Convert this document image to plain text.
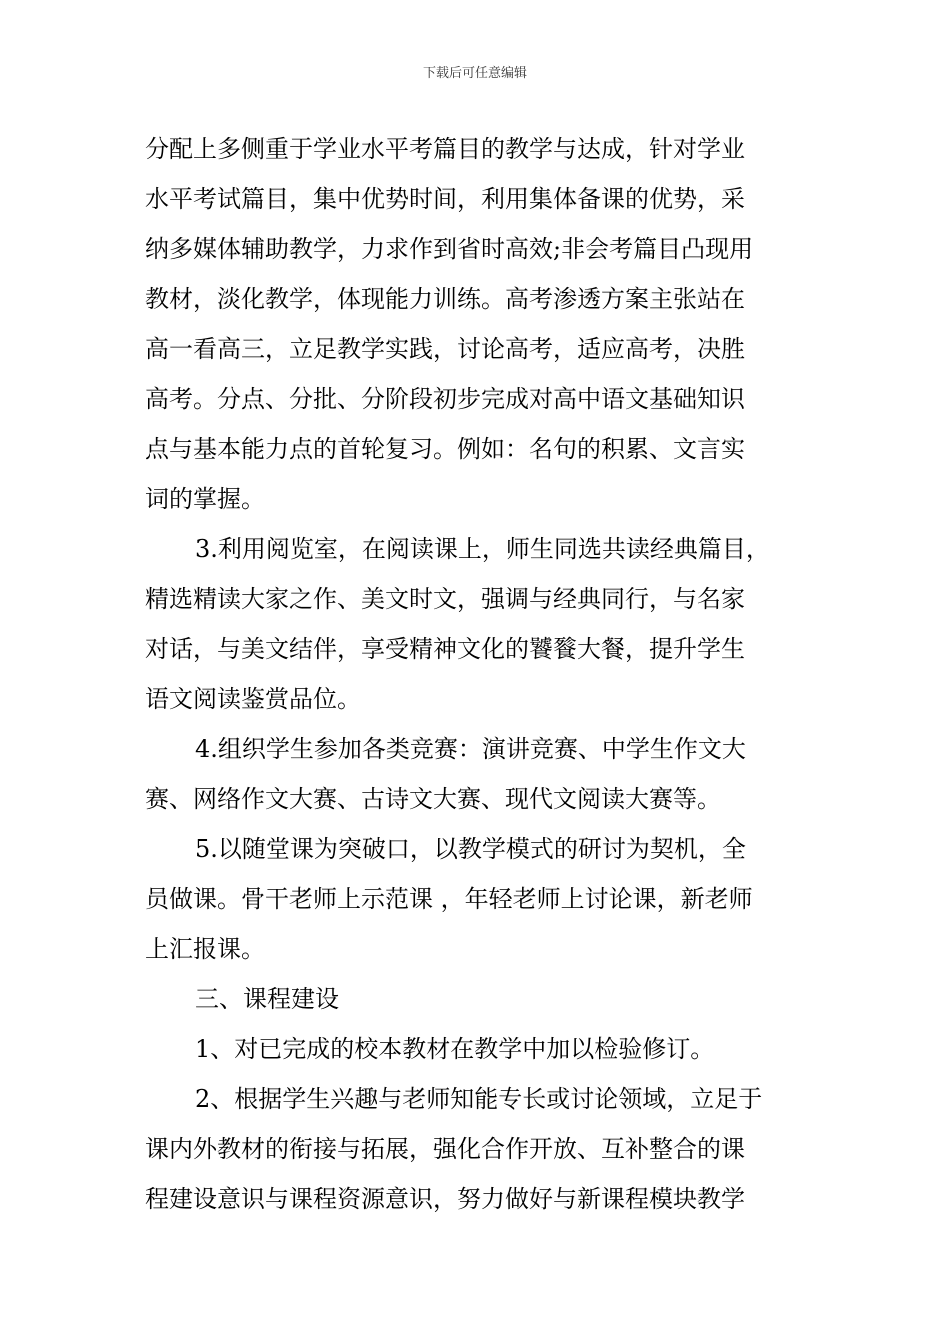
下载后可任意编辑
分配上多侧重于学业水平考篇目的教学与达成，针对学业
水平考试篇目，集中优势时间，利用集体备课的优势，采
纳多媒体辅助教学，力求作到省时高效;非会考篇目凸现用
教材，淡化教学，体现能力训练。高考渗透方案主张站在
高一看高三，立足教学实践，讨论高考，适应高考，决胜
高考。分点、分批、分阶段初步完成对高中语文基础知识
点与基本能力点的首轮复习。例如：名句的积累、文言实
词的掌握。
3.利用阅览室，在阅读课上，师生同选共读经典篇目，
精选精读大家之作、美文时文，强调与经典同行，与名家
对话，与美文结伴，享受精神文化的饕餮大餐，提升学生
语文阅读鉴赏品位。
4.组织学生参加各类竞赛：演讲竞赛、中学生作文大
赛、网络作文大赛、古诗文大赛、现代文阅读大赛等。
5.以随堂课为突破口，以教学模式的研讨为契机，全
员做课。骨干老师上示范课 ，年轻老师上讨论课，新老师
上汇报课。
三、课程建设
1、对已完成的校本教材在教学中加以检验修订。
2、根据学生兴趣与老师知能专长或讨论领域，立足于
课内外教材的衔接与拓展，强化合作开放、互补整合的课
程建设意识与课程资源意识，努力做好与新课程模块教学
